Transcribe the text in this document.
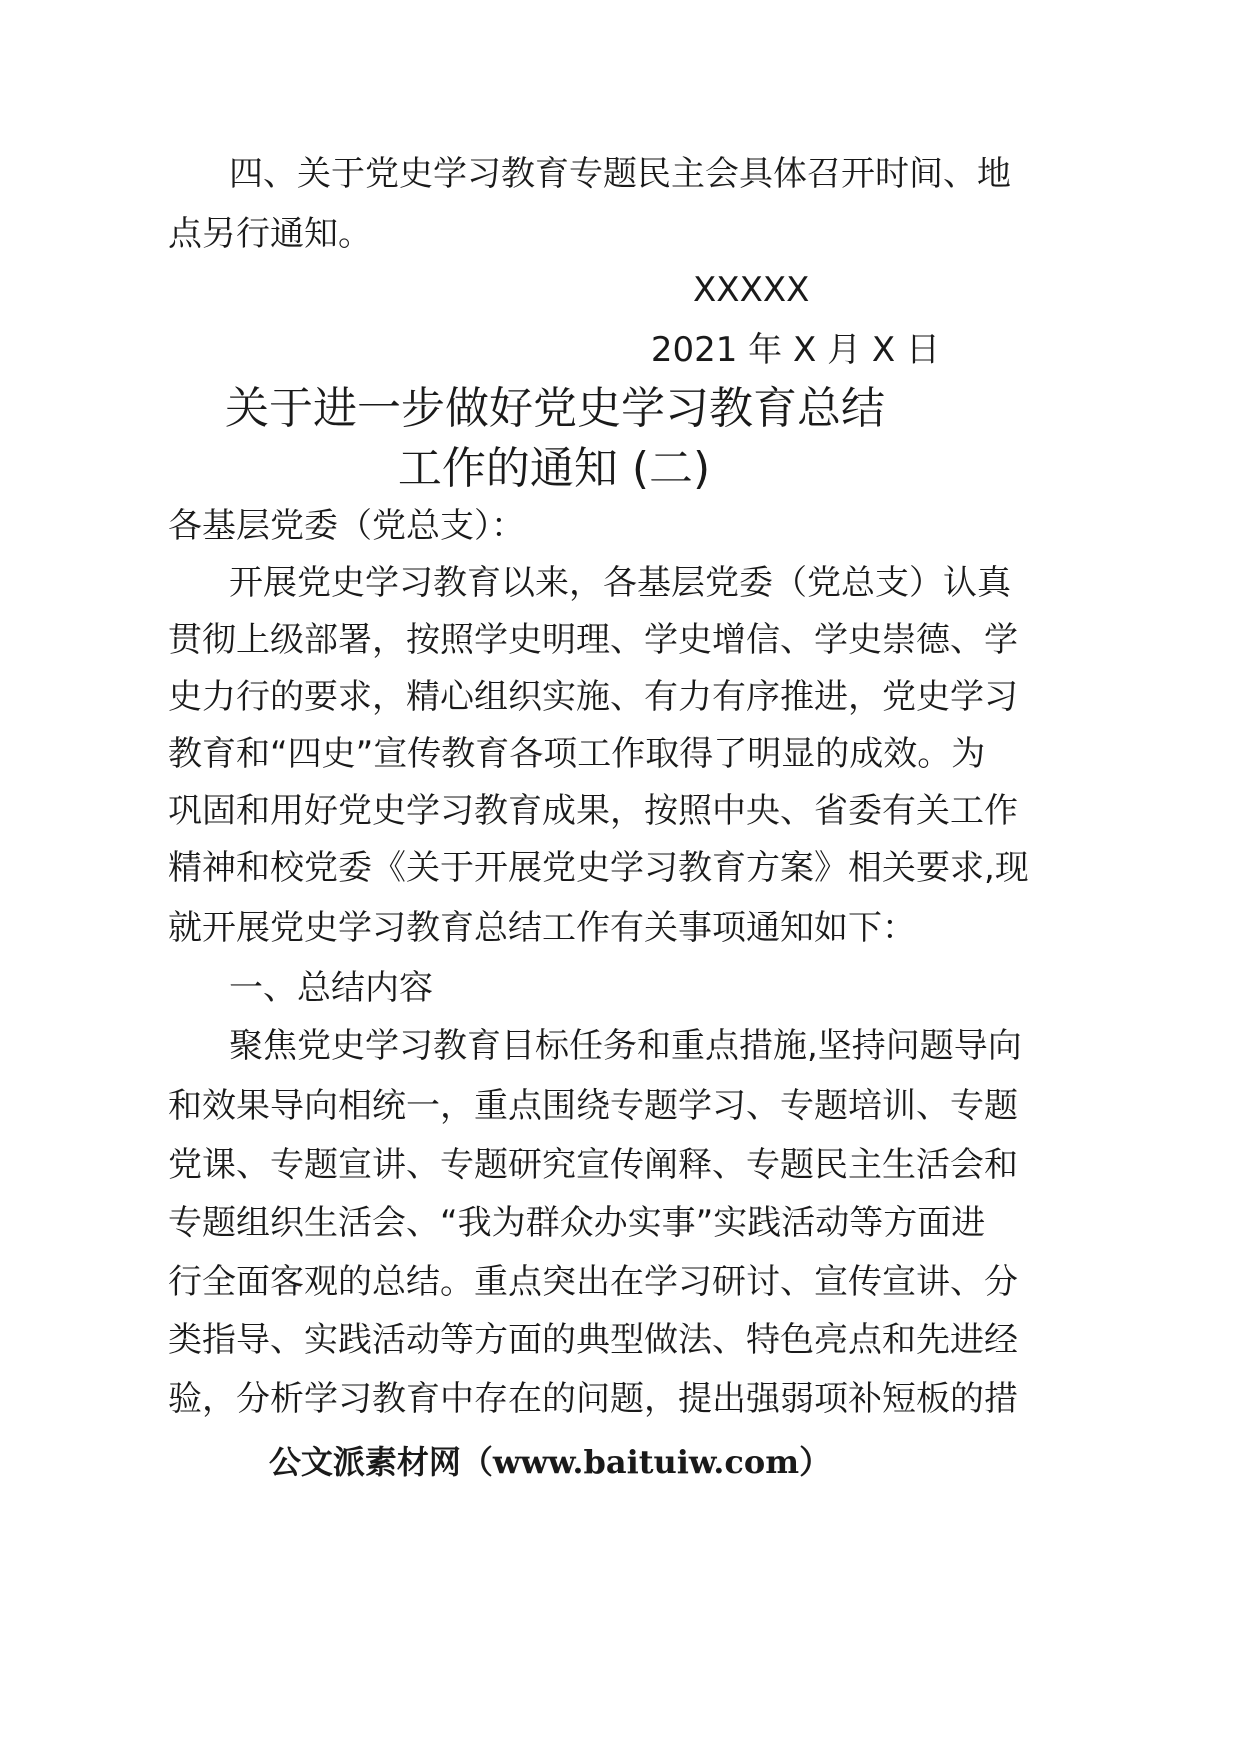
四、关于党史学习教育专题民主会具体召开时间、地
点另行通知。
XXXXX
2021 年 X 月 X 日
关于进一步做好党史学习教育总结
工作的通知 (二)
各基层党委（党总支）：
开展党史学习教育以来，各基层党委（党总支）认真
贯彻上级部署，按照学史明理、学史增信、学史崇德、学
史力行的要求，精心组织实施、有力有序推进，党史学习
教育和“四史”宣传教育各项工作取得了明显的成效。为
巩固和用好党史学习教育成果，按照中央、省委有关工作
精神和校党委《关于开展党史学习教育方案》相关要求,现
就开展党史学习教育总结工作有关事项通知如下：
一、总结内容
聚焦党史学习教育目标任务和重点措施,坚持问题导向
和效果导向相统一，重点围绕专题学习、专题培训、专题
党课、专题宣讲、专题研究宣传阐释、专题民主生活会和
专题组织生活会、“我为群众办实事”实践活动等方面进
行全面客观的总结。重点突出在学习研讨、宣传宣讲、分
类指导、实践活动等方面的典型做法、特色亮点和先进经
验，分析学习教育中存在的问题，提出强弱项补短板的措
公文派素材网（www.baituiw.com）
